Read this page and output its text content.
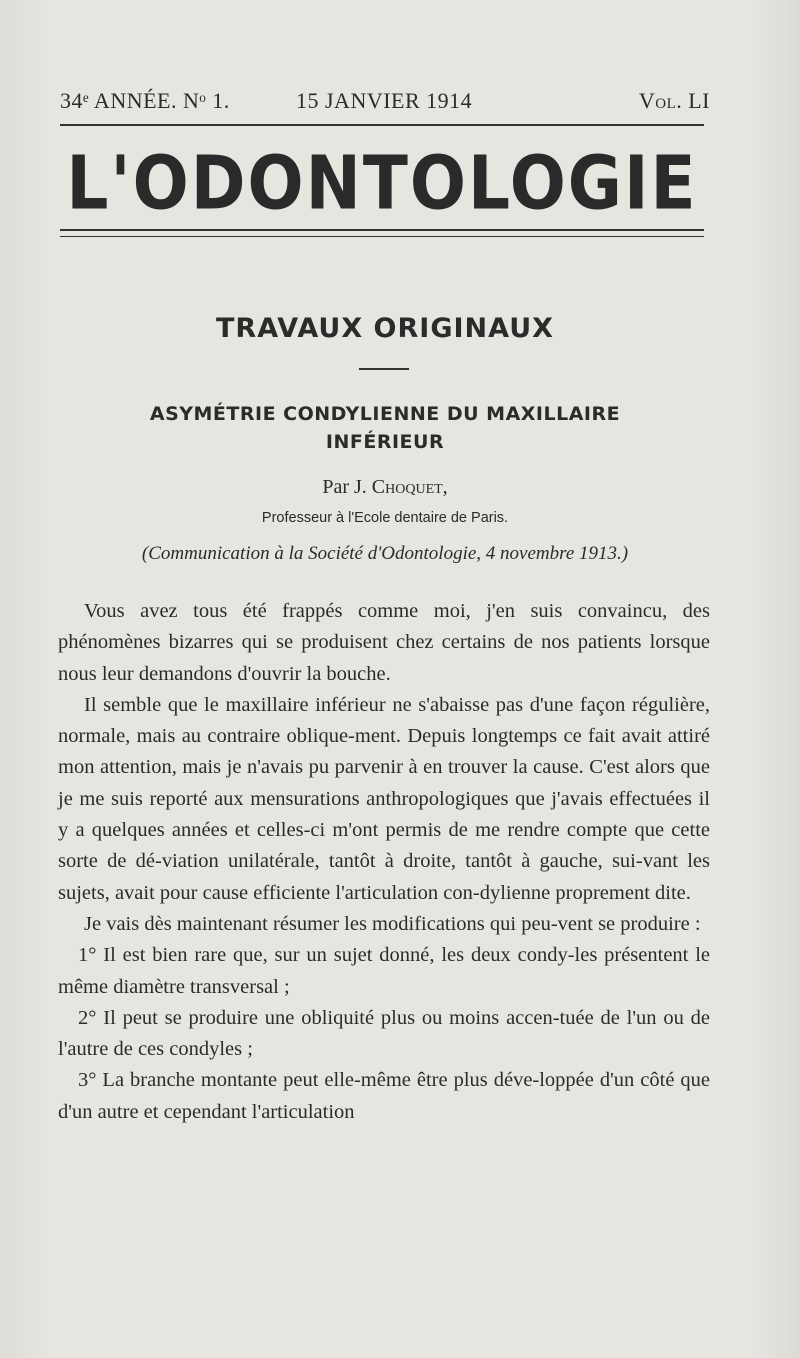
34ᵉ ANNÉE. Nᵒ 1.	15 JANVIER 1914	Vol. LI
L'ODONTOLOGIE
TRAVAUX ORIGINAUX
ASYMÉTRIE CONDYLIENNE DU MAXILLAIRE
INFÉRIEUR
Par J. Choquet,
Professeur à l'Ecole dentaire de Paris.
(Communication à la Société d'Odontologie, 4 novembre 1913.)

Vous avez tous été frappés comme moi, j'en suis convaincu, des phénomènes bizarres qui se produisent chez certains de nos patients lorsque nous leur demandons d'ouvrir la bouche.

Il semble que le maxillaire inférieur ne s'abaisse pas d'une façon régulière, normale, mais au contraire oblique-ment. Depuis longtemps ce fait avait attiré mon attention, mais je n'avais pu parvenir à en trouver la cause. C'est alors que je me suis reporté aux mensurations anthropologiques que j'avais effectuées il y a quelques années et celles-ci m'ont permis de me rendre compte que cette sorte de dé-viation unilatérale, tantôt à droite, tantôt à gauche, sui-vant les sujets, avait pour cause efficiente l'articulation con-dylienne proprement dite.

Je vais dès maintenant résumer les modifications qui peu-vent se produire :

1° Il est bien rare que, sur un sujet donné, les deux condy-les présentent le même diamètre transversal ;

2° Il peut se produire une obliquité plus ou moins accen-tuée de l'un ou de l'autre de ces condyles ;

3° La branche montante peut elle-même être plus déve-loppée d'un côté que d'un autre et cependant l'articulation
